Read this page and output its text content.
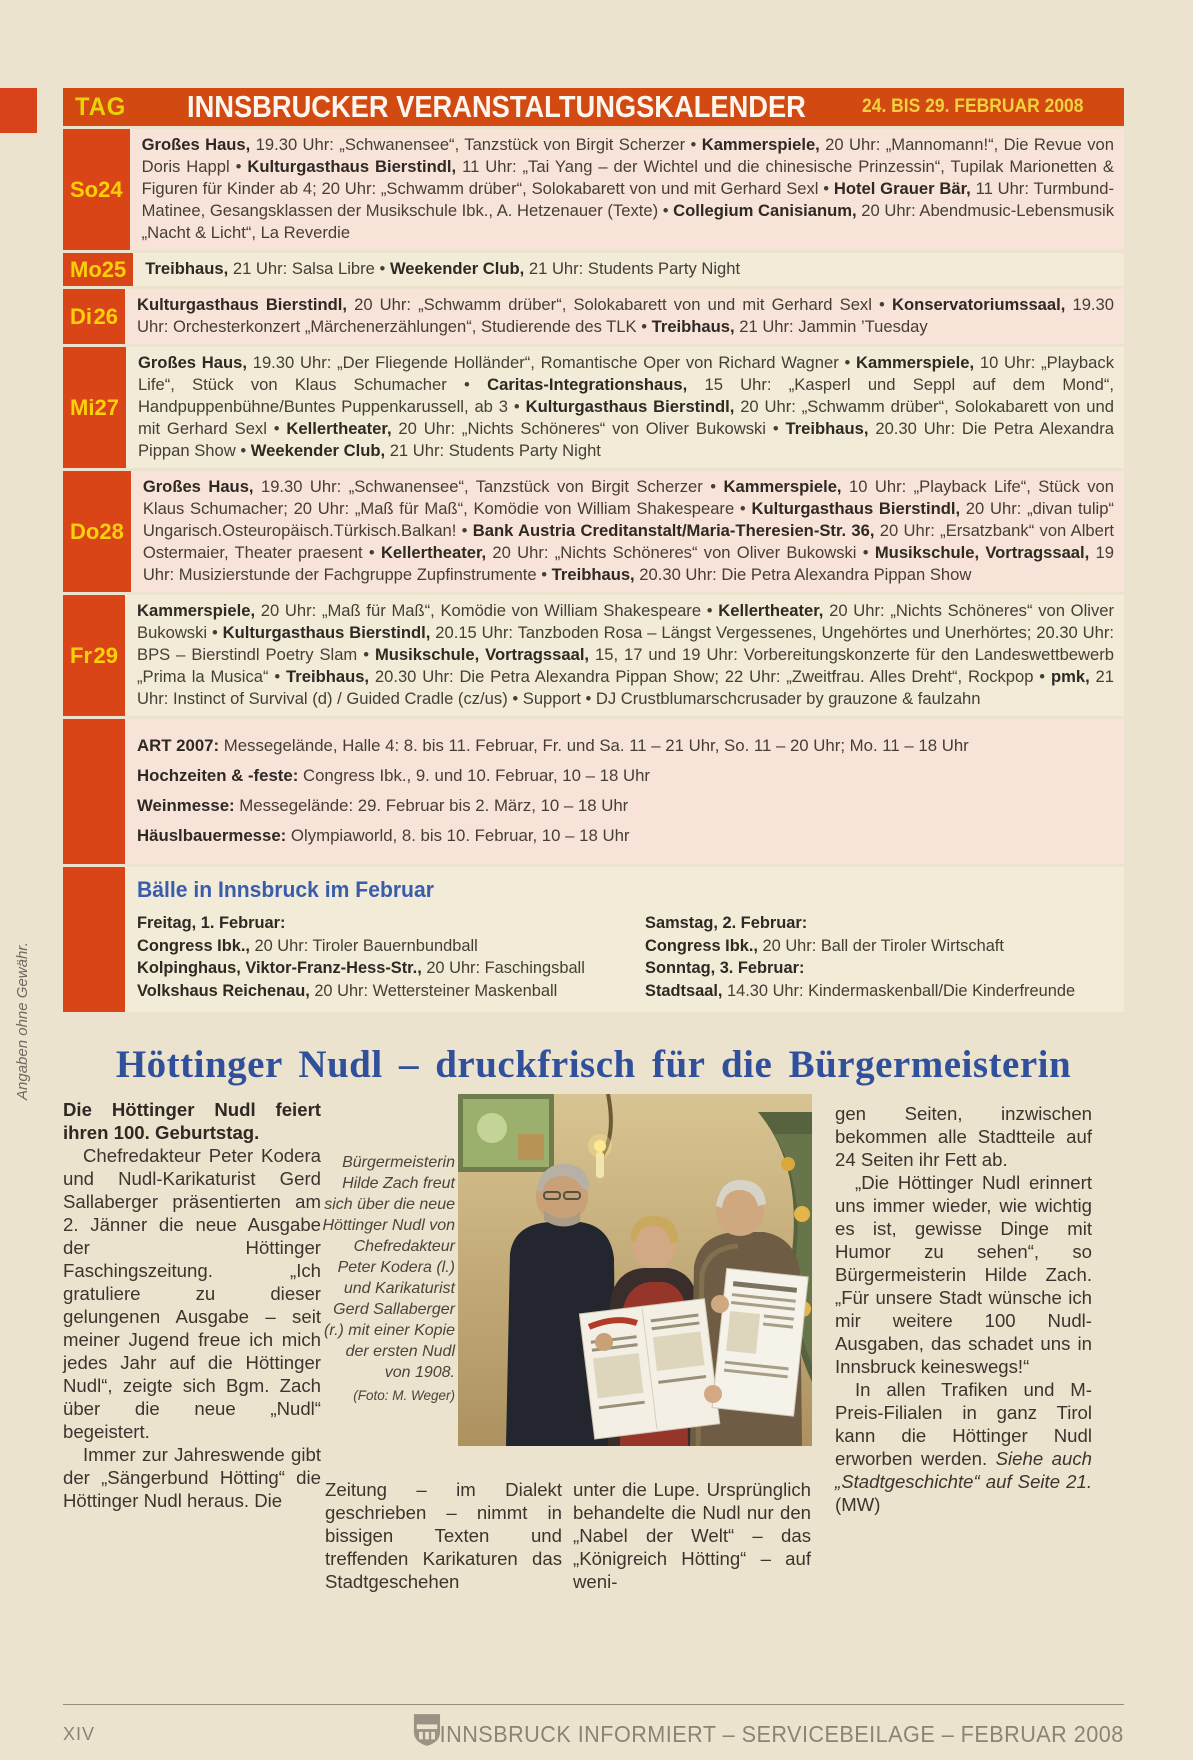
Angaben ohne Gewähr.
TAG INNSBRUCKER VERANSTALTUNGSKALENDER	24. BIS 29. FEBRUAR 2008
So 24
Großes Haus, 19.30 Uhr: „Schwanensee“, Tanzstück von Birgit Scherzer • Kammerspiele, 20 Uhr: „Mannomann!“, Die Revue von Doris Happl • Kulturgasthaus Bierstindl, 11 Uhr: „Tai Yang – der Wichtel und die chinesische Prinzessin“, Tupilak Marionetten & Figuren für Kinder ab 4; 20 Uhr: „Schwamm drüber“, Solokabarett von und mit Gerhard Sexl • Hotel Grauer Bär, 11 Uhr: Turmbund-Matinee, Gesangsklassen der Musikschule Ibk., A. Hetzenauer (Texte) • Collegium Canisianum, 20 Uhr: Abendmusic-Lebensmusik „Nacht & Licht“, La Reverdie
Mo 25 Treibhaus, 21 Uhr: Salsa Libre • Weekender Club, 21 Uhr: Students Party Night
Di 26 Kulturgasthaus Bierstindl, 20 Uhr: „Schwamm drüber“, Solokabarett von und mit Gerhard Sexl • Konservatoriumssaal, 19.30 Uhr: Orchesterkonzert „Märchenerzählungen“, Studierende des TLK • Treibhaus, 21 Uhr: Jammin ’Tuesday
Mi 27
Großes Haus, 19.30 Uhr: „Der Fliegende Holländer“, Romantische Oper von Richard Wagner • Kammerspiele, 10 Uhr: „Playback Life“, Stück von Klaus Schumacher • Caritas-Integrationshaus, 15 Uhr: „Kasperl und Seppl auf dem Mond“, Handpuppenbühne/Buntes Puppenkarussell, ab 3 • Kulturgasthaus Bierstindl, 20 Uhr: „Schwamm drüber“, Solokabarett von und mit Gerhard Sexl • Kellertheater, 20 Uhr: „Nichts Schöneres“ von Oliver Bukowski • Treibhaus, 20.30 Uhr: Die Petra Alexandra Pippan Show • Weekender Club, 21 Uhr: Students Party Night
Do 28
Großes Haus, 19.30 Uhr: „Schwanensee“, Tanzstück von Birgit Scherzer • Kammerspiele, 10 Uhr: „Playback Life“, Stück von Klaus Schumacher; 20 Uhr: „Maß für Maß“, Komödie von William Shakespeare • Kulturgasthaus Bierstindl, 20 Uhr: „divan tulip“ Ungarisch.Osteuropäisch.Türkisch.Balkan! • Bank Austria Creditanstalt/Maria-Theresien-Str. 36, 20 Uhr: „Ersatzbank“ von Albert Ostermaier, Theater praesent • Kellertheater, 20 Uhr: „Nichts Schöneres“ von Oliver Bukowski • Musikschule, Vortragssaal, 19 Uhr: Musizierstunde der Fachgruppe Zupfinstrumente • Treibhaus, 20.30 Uhr: Die Petra Alexandra Pippan Show
Fr 29
Kammerspiele, 20 Uhr: „Maß für Maß“, Komödie von William Shakespeare • Kellertheater, 20 Uhr: „Nichts Schöneres“ von Oliver Bukowski • Kulturgasthaus Bierstindl, 20.15 Uhr: Tanzboden Rosa – Längst Vergessenes, Ungehörtes und Unerhörtes; 20.30 Uhr: BPS – Bierstindl Poetry Slam • Musikschule, Vortragssaal, 15, 17 und 19 Uhr: Vorbereitungskonzerte für den Landeswettbewerb „Prima la Musica“ • Treibhaus, 20.30 Uhr: Die Petra Alexandra Pippan Show; 22 Uhr: „Zweitfrau. Alles Dreht“, Rockpop • pmk, 21 Uhr: Instinct of Survival (d) / Guided Cradle (cz/us) • Support • DJ Crustblumarschcrusader by grauzone & faulzahn

ART 2007: Messegelände, Halle 4: 8. bis 11. Februar, Fr. und Sa. 11 – 21 Uhr, So. 11 – 20 Uhr; Mo. 11 – 18 Uhr

Hochzeiten & -feste: Congress Ibk., 9. und 10. Februar, 10 – 18 Uhr

Weinmesse: Messegelände: 29. Februar bis 2. März, 10 – 18 Uhr

Häuslbauermesse: Olympiaworld, 8. bis 10. Februar, 10 – 18 Uhr

Bälle in Innsbruck im Februar

Freitag, 1. Februar:

Congress Ibk., 20 Uhr: Tiroler Bauernbundball

Kolpinghaus, Viktor-Franz-Hess-Str., 20 Uhr: Faschingsball

Volkshaus Reichenau, 20 Uhr: Wettersteiner Maskenball

Samstag, 2. Februar:

Congress Ibk., 20 Uhr: Ball der Tiroler Wirtschaft

Sonntag, 3. Februar:

Stadtsaal, 14.30 Uhr: Kindermaskenball/Die Kinderfreunde

Höttinger Nudl – druckfrisch für die Bürgermeisterin

Die Höttinger Nudl feiert ihren 100. Geburtstag.

Chefredakteur Peter Kodera und Nudl-Karikaturist Gerd Sallaberger präsentierten am 2. Jänner die neue Ausgabe der Höttinger Faschingszeitung. „Ich gratuliere zu dieser gelungenen Ausgabe – seit meiner Jugend freue ich mich jedes Jahr auf die Höttinger Nudl“, zeigte sich Bgm. Zach über die neue „Nudl“ begeistert.

Immer zur Jahreswende gibt der „Sängerbund Hötting“ die Höttinger Nudl heraus. Die

Bürgermeisterin Hilde Zach freut sich über die neue Höttinger Nudl von Chefredakteur Peter Kodera (l.) und Karikaturist Gerd Sallaberger (r.) mit einer Kopie der ersten Nudl von 1908.

(Foto: M. Weger)

Zeitung – im Dialekt geschrieben – nimmt in bissigen Texten und treffenden Karikaturen das Stadtgeschehen

unter die Lupe. Ursprünglich behandelte die Nudl nur den „Nabel der Welt“ – das „Königreich Hötting“ – auf weni-

gen Seiten, inzwischen bekommen alle Stadtteile auf 24 Seiten ihr Fett ab.

„Die Höttinger Nudl erinnert uns immer wieder, wie wichtig es ist, gewisse Dinge mit Humor zu sehen“, so Bürgermeisterin Hilde Zach. „Für unsere Stadt wünsche ich mir weitere 100 Nudl-Ausgaben, das schadet uns in Innsbruck keineswegs!“

In allen Trafiken und M-Preis-Filialen in ganz Tirol kann die Höttinger Nudl erworben werden. Siehe auch „Stadtgeschichte“ auf Seite 21. (MW)

XIV	INNSBRUCK INFORMIERT – SERVICEBEILAGE – FEBRUAR 2008
